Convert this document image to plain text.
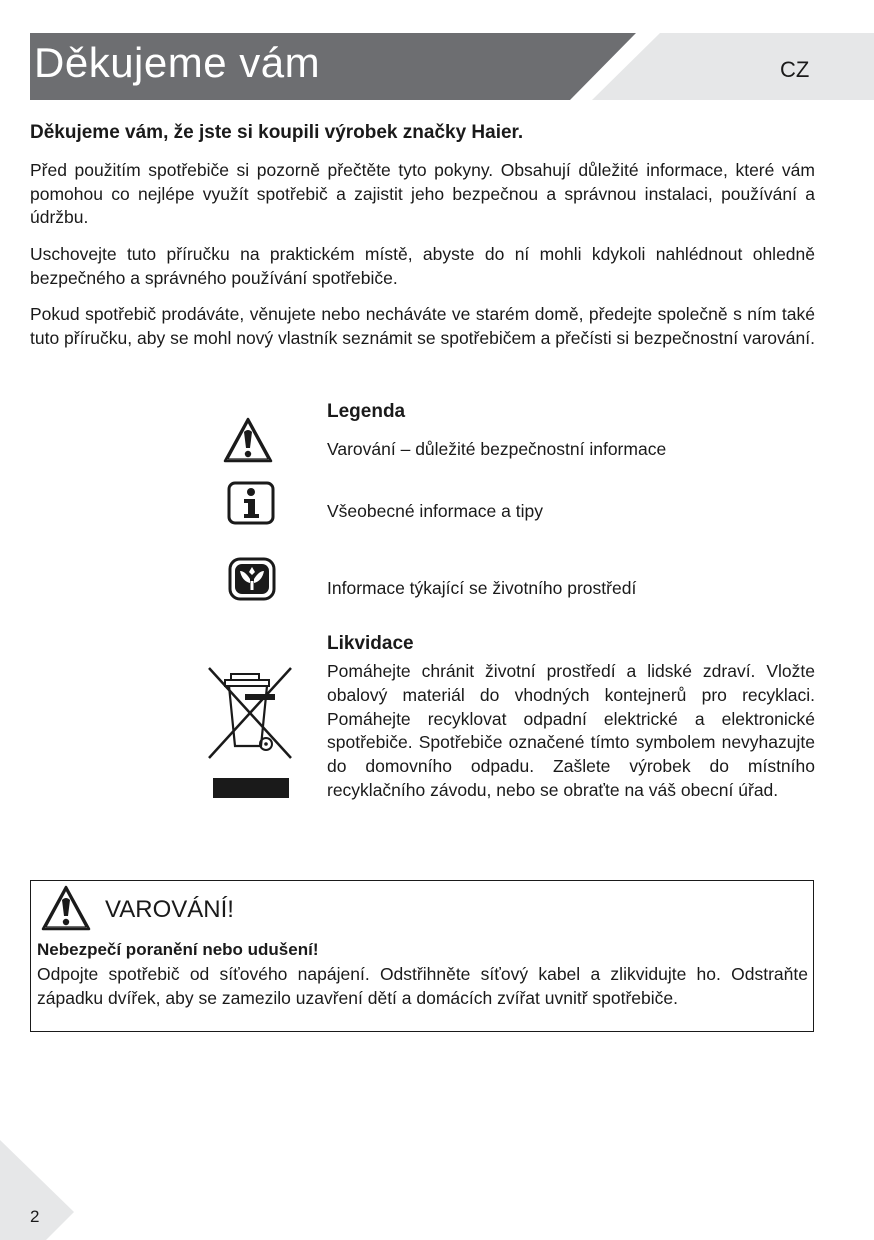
Děkujeme vám	CZ
Děkujeme vám, že jste si koupili výrobek značky Haier.

Před použitím spotřebiče si pozorně přečtěte tyto pokyny. Obsahují důležité informace, které vám pomohou co nejlépe využít spotřebič a zajistit jeho bezpečnou a správnou instalaci, používání a údržbu.

Uschovejte tuto příručku na praktickém místě, abyste do ní mohli kdykoli nahlédnout ohledně bezpečného a správného používání spotřebiče.

Pokud spotřebič prodáváte, věnujete nebo necháváte ve starém domě, předejte společně s ním také tuto příručku, aby se mohl nový vlastník seznámit se spotřebičem a přečísti si bezpečnostní varování.

Legenda
Varování – důležité bezpečnostní informace
Všeobecné informace a tipy
Informace týkající se životního prostředí
Likvidace

Pomáhejte chránit životní prostředí a lidské zdraví. Vložte obalový materiál do vhodných kontejnerů pro recyklaci. Pomáhejte recyklovat odpadní elektrické a elektronické spotřebiče. Spotřebiče označené tímto symbolem nevyhazujte do domovního odpadu. Zašlete výrobek do místního recyklačního závodu, nebo se obraťte na váš obecní úřad.

VAROVÁNÍ!
Nebezpečí poranění nebo udušení!

Odpojte spotřebič od síťového napájení. Odstřihněte síťový kabel a zlikvidujte ho. Odstraňte západku dvířek, aby se zamezilo uzavření dětí a domácích zvířat uvnitř spotřebiče.

2
